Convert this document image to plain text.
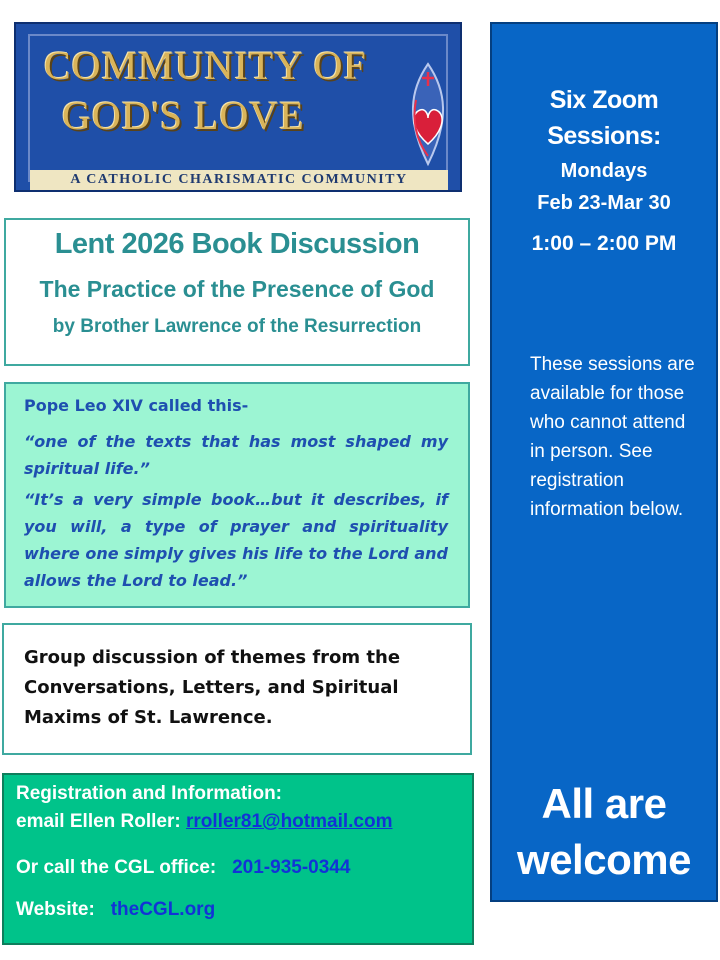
COMMUNITY OF
GOD'S LOVE
A CATHOLIC CHARISMATIC COMMUNITY
Lent 2026 Book Discussion
The Practice of the Presence of God
by Brother Lawrence of the Resurrection
Pope Leo XIV called this-
“one of the texts that has most shaped my spiritual life.”
“It’s a very simple book…but it describes, if you will, a type of prayer and spirituality where one simply gives his life to the Lord and allows the Lord to lead.”
Group discussion of themes from the Conversations, Letters, and Spiritual Maxims of St. Lawrence.
Registration and Information:
email Ellen Roller: rroller81@hotmail.com
Or call the CGL office: 201-935-0344
Website: theCGL.org
Six Zoom
Sessions:
Mondays
Feb 23-Mar 30
1:00 – 2:00 PM
These sessions are available for those who cannot attend in person. See registration information below.
All are
welcome
